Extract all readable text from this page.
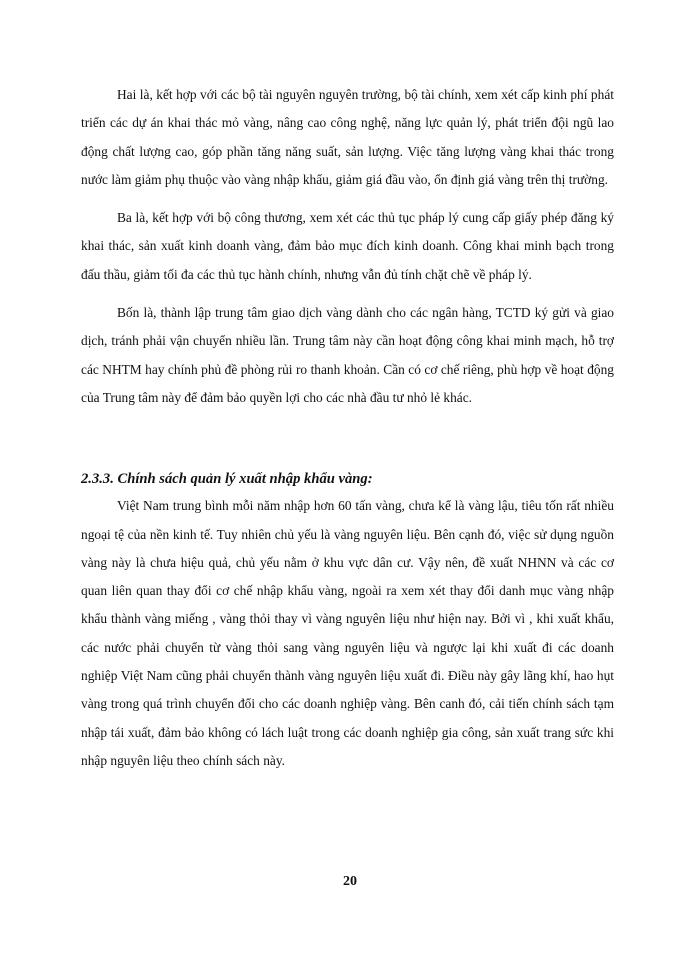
Hai là, kết hợp với các bộ tài nguyên nguyên trường, bộ tài chính, xem xét cấp kinh phí phát triển các dự án khai thác mỏ vàng, nâng cao công nghệ, năng lực quản lý, phát triển đội ngũ lao động chất lượng cao, góp phần tăng năng suất, sản lượng. Việc tăng lượng vàng khai thác trong nước làm giảm phụ thuộc vào vàng nhập khẩu, giảm giá đầu vào, ổn định giá vàng trên thị trường.

Ba là, kết hợp với bộ công thương, xem xét các thủ tục pháp lý cung cấp giấy phép đăng ký khai thác, sản xuất kinh doanh vàng, đảm bảo mục đích kinh doanh. Công khai minh bạch trong đấu thầu, giảm tối đa các thủ tục hành chính, nhưng vẫn đủ tính chặt chẽ về pháp lý.

Bốn là, thành lập trung tâm giao dịch vàng dành cho các ngân hàng, TCTD ký gửi và giao dịch, tránh phải vận chuyển nhiều lần. Trung tâm này cần hoạt động công khai minh mạch, hỗ trợ các NHTM hay chính phủ đề phòng rủi ro thanh khoản. Cần có cơ chế riêng, phù hợp về hoạt động của Trung tâm này để đảm bảo quyền lợi cho các nhà đầu tư nhỏ lẻ khác.

2.3.3. Chính sách quản lý xuất nhập khẩu vàng:

Việt Nam trung bình mỗi năm nhập hơn 60 tấn vàng, chưa kể là vàng lậu, tiêu tốn rất nhiều ngoại tệ của nền kinh tế. Tuy nhiên chủ yếu là vàng nguyên liệu. Bên cạnh đó, việc sử dụng nguồn vàng này là chưa hiệu quả, chủ yếu nằm ở khu vực dân cư. Vậy nên, đề xuất NHNN và các cơ quan liên quan thay đổi cơ chế nhập khẩu vàng, ngoài ra xem xét thay đổi danh mục vàng nhập khẩu thành vàng miếng , vàng thỏi thay vì vàng nguyên liệu như hiện nay. Bởi vì , khi xuất khẩu, các nước phải chuyển từ vàng thỏi sang vàng nguyên liệu và ngược lại khi xuất đi các doanh nghiệp Việt Nam cũng phải chuyển thành vàng nguyên liệu xuất đi. Điều này gây lãng khí, hao hụt vàng trong quá trình chuyển đổi cho các doanh nghiệp vàng. Bên canh đó, cải tiến chính sách tạm nhập tái xuất, đảm bảo không có lách luật trong các doanh nghiệp gia công, sản xuất trang sức khi nhập nguyên liệu theo chính sách này.

20
